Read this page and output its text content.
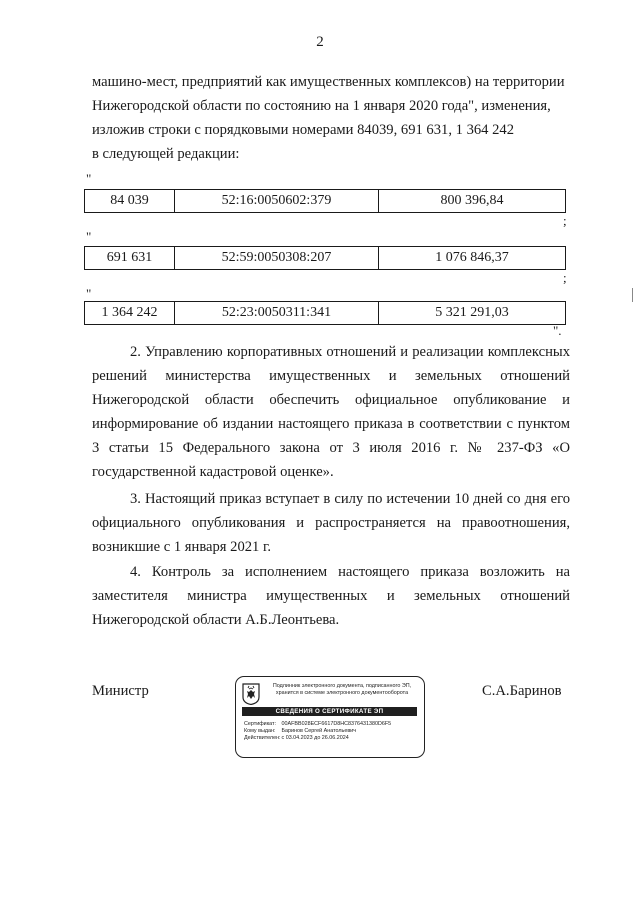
2

машино-мест, предприятий как имущественных комплексов) на территории
Нижегородской области по состоянию на 1 января 2020 года", изменения,
изложив строки с порядковыми номерами 84039, 691 631, 1 364 242
в следующей редакции:

"
84 039	52:16:0050602:379	800 396,84
;
"
691 631	52:59:0050308:207	1 076 846,37
;
"
1 364 242	52:23:0050311:341	5 321 291,03
".

2. Управлению корпоративных отношений и реализации комплексных решений министерства имущественных и земельных отношений Нижегородской области обеспечить официальное опубликование и информирование об издании настоящего приказа в соответствии с пунктом 3 статьи 15 Федерального закона от 3 июля 2016 г. № 237-ФЗ «О государственной кадастровой оценке».

3. Настоящий приказ вступает в силу по истечении 10 дней со дня его официального опубликования и распространяется на правоотношения, возникшие с 1 января 2021 г.

4. Контроль за исполнением настоящего приказа возложить на заместителя министра имущественных и земельных отношений Нижегородской области А.Б.Леонтьева.

Министр	С.А.Баринов
Подлинник электронного документа, подписанного ЭП,
хранится в системе электронного документооборота
СВЕДЕНИЯ О СЕРТИФИКАТЕ ЭП
Сертификат: 00AFBB028ECF6617D8HC8376431380D6F5
Кому выдан: Баринов Сергей Анатольевич
Действителен: с 03.04.2023 до 26.06.2024
